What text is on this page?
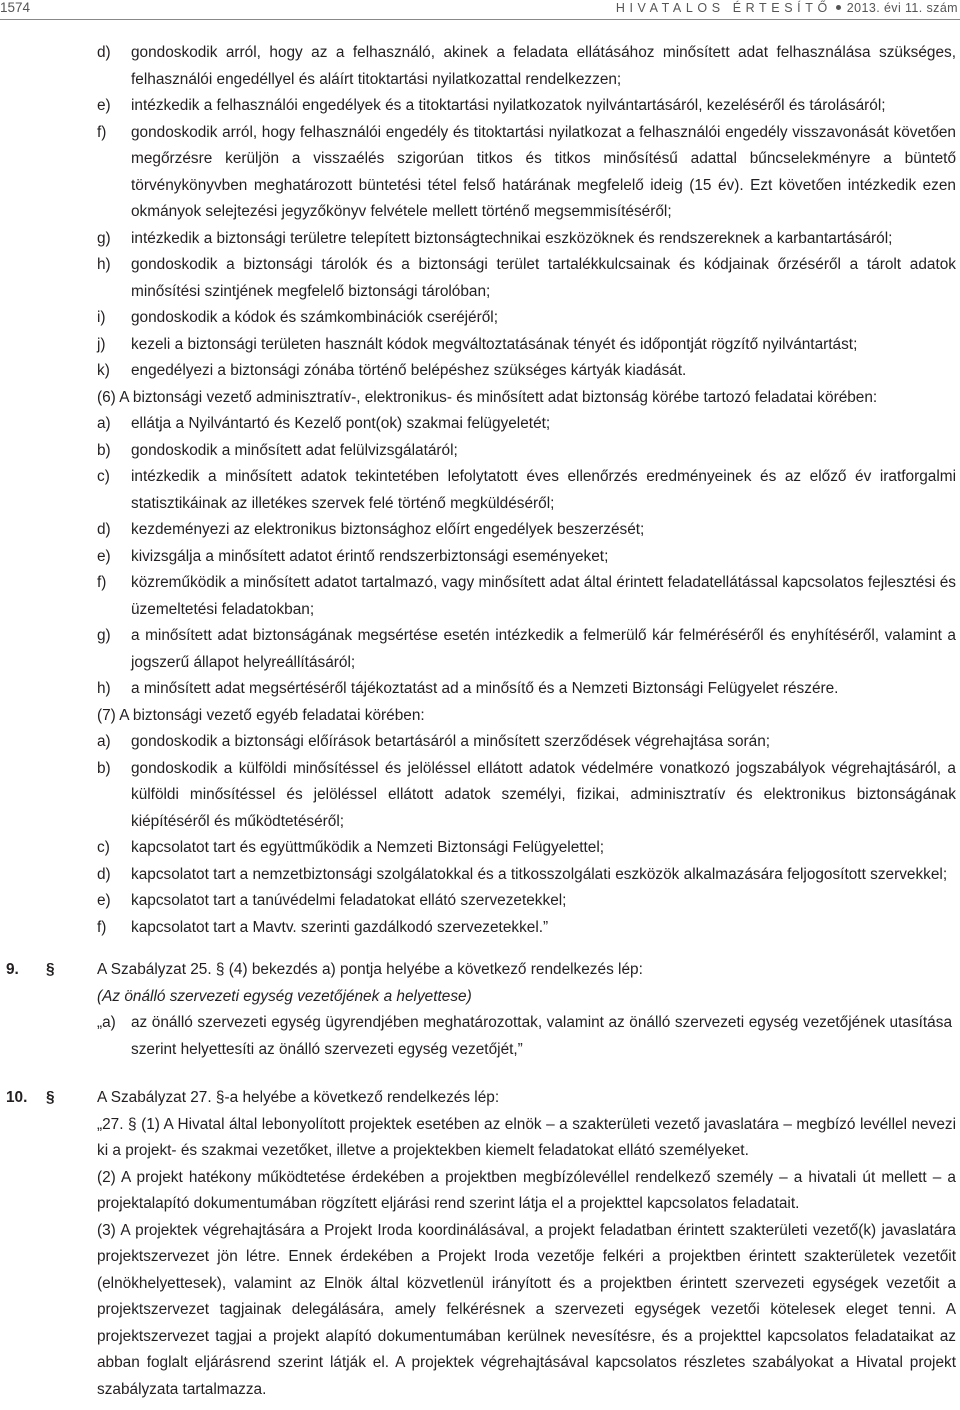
1574	HIVATALOS ÉRTESÍTŐ 2013. évi 11. szám
d)	gondoskodik arról, hogy az a felhasználó, akinek a feladata ellátásához minősített adat felhasználása szükséges, felhasználói engedéllyel és aláírt titoktartási nyilatkozattal rendelkezzen;
e)	intézkedik a felhasználói engedélyek és a titoktartási nyilatkozatok nyilvántartásáról, kezeléséről és tárolásáról;
f)	gondoskodik arról, hogy felhasználói engedély és titoktartási nyilatkozat a felhasználói engedély visszavonását követően megőrzésre kerüljön a visszaélés szigorúan titkos és titkos minősítésű adattal bűncselekményre a büntető törvénykönyvben meghatározott büntetési tétel felső határának megfelelő ideig (15 év). Ezt követően intézkedik ezen okmányok selejtezési jegyzőkönyv felvétele mellett történő megsemmisítéséről;
g)	intézkedik a biztonsági területre telepített biztonságtechnikai eszközöknek és rendszereknek a karbantartásáról;
h)	gondoskodik a biztonsági tárolók és a biztonsági terület tartalékkulcsainak és kódjainak őrzéséről a tárolt adatok minősítési szintjének megfelelő biztonsági tárolóban;
i)	gondoskodik a kódok és számkombinációk cseréjéről;
j)	kezeli a biztonsági területen használt kódok megváltoztatásának tényét és időpontját rögzítő nyilvántartást;
k)	engedélyezi a biztonsági zónába történő belépéshez szükséges kártyák kiadását.
(6) A biztonsági vezető adminisztratív-, elektronikus- és minősített adat biztonság körébe tartozó feladatai körében:
a)	ellátja a Nyilvántartó és Kezelő pont(ok) szakmai felügyeletét;
b)	gondoskodik a minősített adat felülvizsgálatáról;
c)	intézkedik a minősített adatok tekintetében lefolytatott éves ellenőrzés eredményeinek és az előző év iratforgalmi statisztikáinak az illetékes szervek felé történő megküldéséről;
d)	kezdeményezi az elektronikus biztonsághoz előírt engedélyek beszerzését;
e)	kivizsgálja a minősített adatot érintő rendszerbiztonsági eseményeket;
f)	közreműködik a minősített adatot tartalmazó, vagy minősített adat által érintett feladatellátással kapcsolatos fejlesztési és üzemeltetési feladatokban;
g)	a minősített adat biztonságának megsértése esetén intézkedik a felmerülő kár felméréséről és enyhítéséről, valamint a jogszerű állapot helyreállításáról;
h)	a minősített adat megsértéséről tájékoztatást ad a minősítő és a Nemzeti Biztonsági Felügyelet részére.
(7) A biztonsági vezető egyéb feladatai körében:
a)	gondoskodik a biztonsági előírások betartásáról a minősített szerződések végrehajtása során;
b)	gondoskodik a külföldi minősítéssel és jelöléssel ellátott adatok védelmére vonatkozó jogszabályok végrehajtásáról, a külföldi minősítéssel és jelöléssel ellátott adatok személyi, fizikai, adminisztratív és elektronikus biztonságának kiépítéséről és működtetéséről;
c)	kapcsolatot tart és együttműködik a Nemzeti Biztonsági Felügyelettel;
d)	kapcsolatot tart a nemzetbiztonsági szolgálatokkal és a titkosszolgálati eszközök alkalmazására feljogosított szervekkel;
e)	kapcsolatot tart a tanúvédelmi feladatokat ellátó szervezetekkel;
f)	kapcsolatot tart a Mavtv. szerinti gazdálkodó szervezetekkel.”
9.	§	A Szabályzat 25. § (4) bekezdés a) pontja helyébe a következő rendelkezés lép:
(Az önálló szervezeti egység vezetőjének a helyettese)
„a) az önálló szervezeti egység ügyrendjében meghatározottak, valamint az önálló szervezeti egység vezetőjének utasítása szerint helyettesíti az önálló szervezeti egység vezetőjét,”
10.	§	A Szabályzat 27. §-a helyébe a következő rendelkezés lép:
„27. § (1) A Hivatal által lebonyolított projektek esetében az elnök – a szakterületi vezető javaslatára – megbízó levéllel nevezi ki a projekt- és szakmai vezetőket, illetve a projektekben kiemelt feladatokat ellátó személyeket.
(2) A projekt hatékony működtetése érdekében a projektben megbízólevéllel rendelkező személy – a hivatali út mellett – a projektalapító dokumentumában rögzített eljárási rend szerint látja el a projekttel kapcsolatos feladatait.
(3) A projektek végrehajtására a Projekt Iroda koordinálásával, a projekt feladatban érintett szakterületi vezető(k) javaslatára projektszervezet jön létre. Ennek érdekében a Projekt Iroda vezetője felkéri a projektben érintett szakterületek vezetőit (elnökhelyettesek), valamint az Elnök által közvetlenül irányított és a projektben érintett szervezeti egységek vezetőit a projektszervezet tagjainak delegálására, amely felkérésnek a szervezeti egységek vezetői kötelesek eleget tenni. A projektszervezet tagjai a projekt alapító dokumentumában kerülnek nevesítésre, és a projekttel kapcsolatos feladataikat az abban foglalt eljárásrend szerint látják el. A projektek végrehajtásával kapcsolatos részletes szabályokat a Hivatal projekt szabályzata tartalmazza.
